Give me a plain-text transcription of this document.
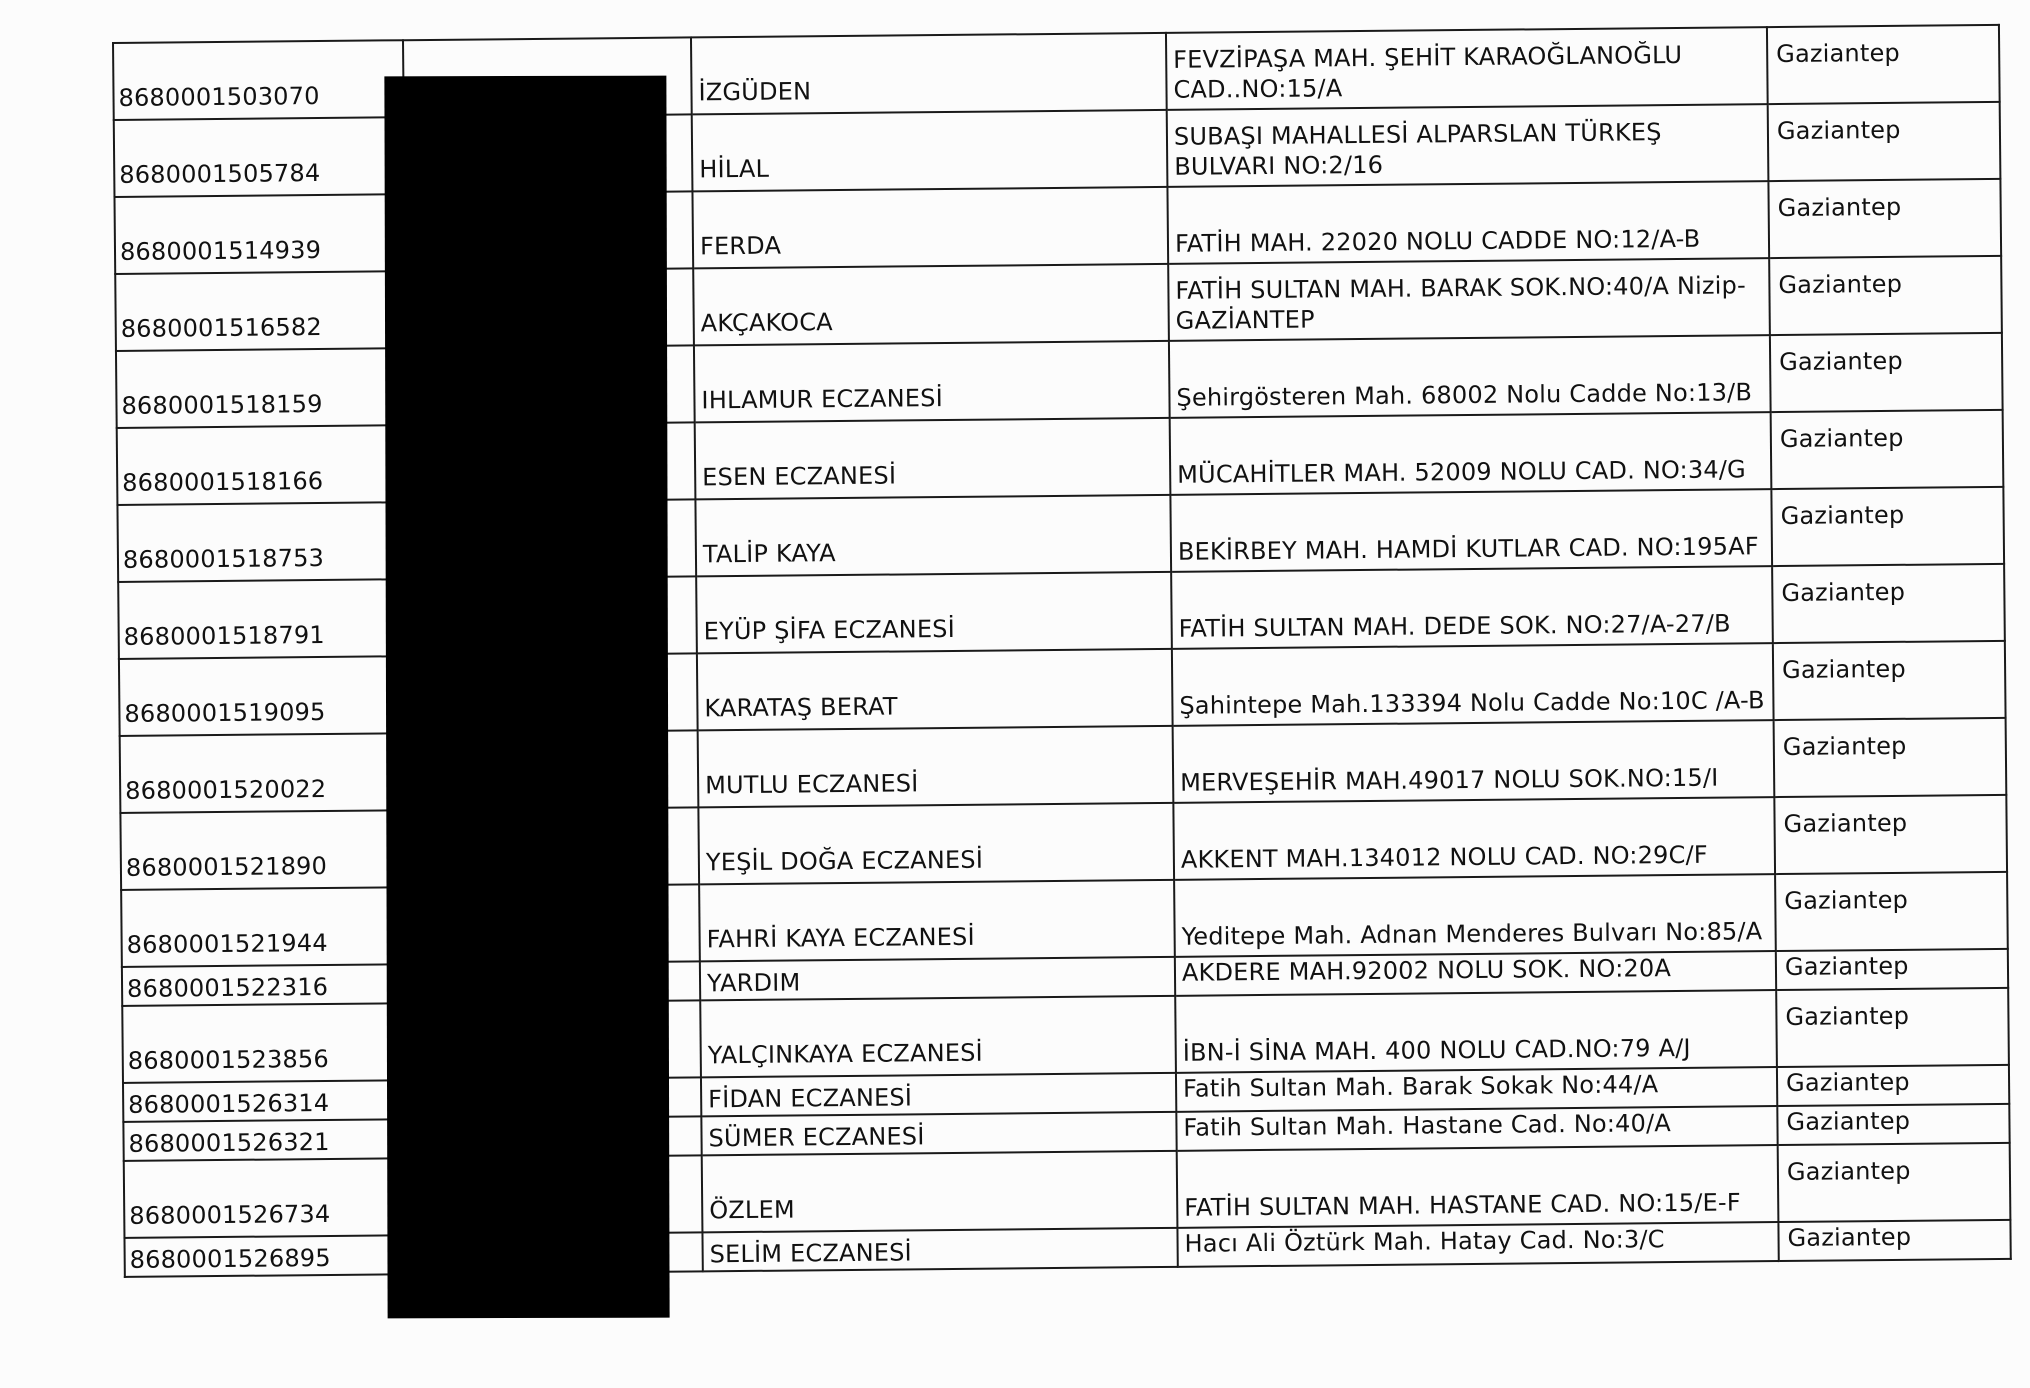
8680001503070		İZGÜDEN	FEVZİPAŞA MAH. ŞEHİT KARAOĞLANOĞLU CAD..NO:15/A	Gaziantep
8680001505784		HİLAL	SUBAŞI MAHALLESİ ALPARSLAN TÜRKEŞ BULVARI NO:2/16	Gaziantep
8680001514939		FERDA	FATİH MAH. 22020 NOLU CADDE NO:12/A-B	Gaziantep
8680001516582		AKÇAKOCA	FATİH SULTAN MAH. BARAK SOK.NO:40/A Nizip-GAZİANTEP	Gaziantep
8680001518159		IHLAMUR ECZANESİ	Şehirgösteren Mah. 68002 Nolu Cadde No:13/B	Gaziantep
8680001518166		ESEN ECZANESİ	MÜCAHİTLER MAH. 52009 NOLU CAD. NO:34/G	Gaziantep
8680001518753		TALİP KAYA	BEKİRBEY MAH. HAMDİ KUTLAR CAD. NO:195AF	Gaziantep
8680001518791		EYÜP ŞİFA ECZANESİ	FATİH SULTAN MAH. DEDE SOK. NO:27/A-27/B	Gaziantep
8680001519095		KARATAŞ BERAT	Şahintepe Mah.133394 Nolu Cadde No:10C /A-B	Gaziantep
8680001520022		MUTLU ECZANESİ	MERVEŞEHİR MAH.49017 NOLU SOK.NO:15/I	Gaziantep
8680001521890		YEŞİL DOĞA ECZANESİ	AKKENT MAH.134012 NOLU CAD. NO:29C/F	Gaziantep
8680001521944		FAHRİ KAYA ECZANESİ	Yeditepe Mah. Adnan Menderes Bulvarı No:85/A	Gaziantep
8680001522316		YARDIM	AKDERE MAH.92002 NOLU SOK. NO:20A	Gaziantep
8680001523856		YALÇINKAYA ECZANESİ	İBN-İ SİNA MAH. 400 NOLU CAD.NO:79 A/J	Gaziantep
8680001526314		FİDAN ECZANESİ	Fatih Sultan Mah. Barak Sokak No:44/A	Gaziantep
8680001526321		SÜMER ECZANESİ	Fatih Sultan Mah. Hastane Cad. No:40/A	Gaziantep
8680001526734		ÖZLEM	FATİH SULTAN MAH. HASTANE CAD. NO:15/E-F	Gaziantep
8680001526895		SELİM ECZANESİ	Hacı Ali Öztürk Mah. Hatay Cad. No:3/C	Gaziantep
